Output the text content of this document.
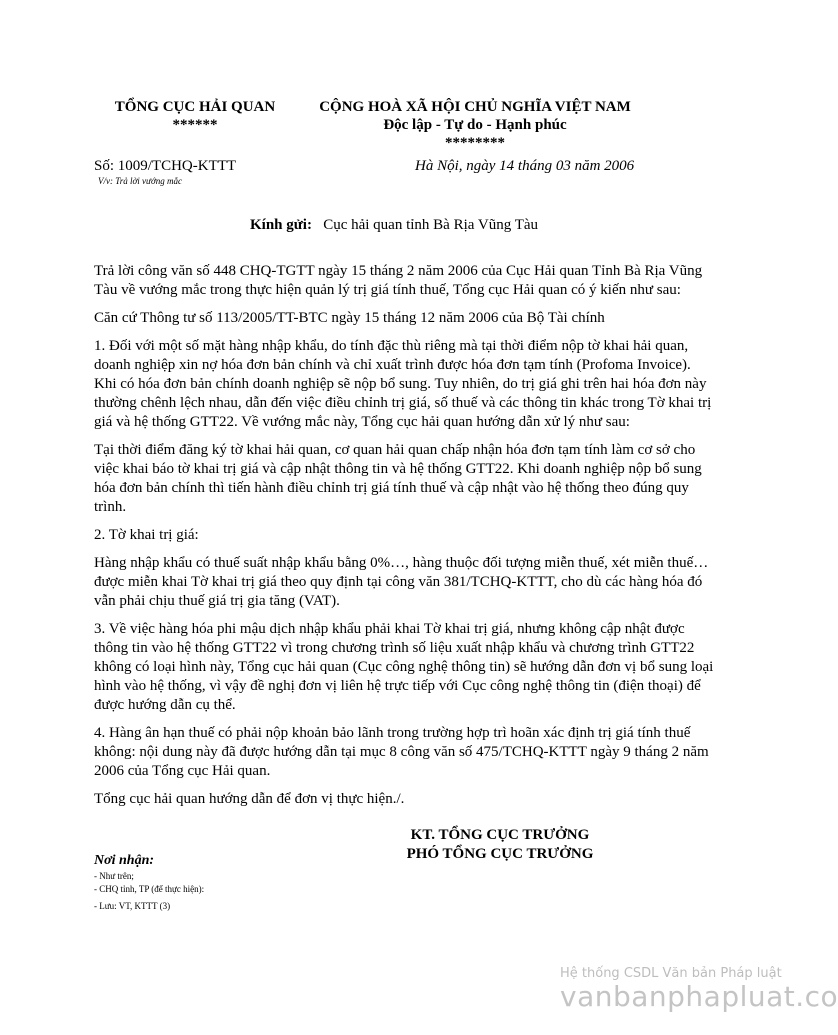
TỔNG CỤC HẢI QUAN
******
CỘNG HOÀ XÃ HỘI CHỦ NGHĨA VIỆT NAM
Độc lập - Tự do - Hạnh phúc
********
Số: 1009/TCHQ-KTTT
V/v: Trả lời vướng mắc
Hà Nội, ngày 14 tháng 03 năm 2006
Kính gửi: Cục hải quan tỉnh Bà Rịa Vũng Tàu

Trả lời công văn số 448 CHQ-TGTT ngày 15 tháng 2 năm 2006 của Cục Hải quan Tỉnh Bà Rịa Vũng Tàu về vướng mắc trong thực hiện quản lý trị giá tính thuế, Tổng cục Hải quan có ý kiến như sau:

Căn cứ Thông tư số 113/2005/TT-BTC ngày 15 tháng 12 năm 2006 của Bộ Tài chính

1. Đối với một số mặt hàng nhập khẩu, do tính đặc thù riêng mà tại thời điểm nộp tờ khai hải quan, doanh nghiệp xin nợ hóa đơn bản chính và chỉ xuất trình được hóa đơn tạm tính (Profoma Invoice). Khi có hóa đơn bản chính doanh nghiệp sẽ nộp bổ sung. Tuy nhiên, do trị giá ghi trên hai hóa đơn này thường chênh lệch nhau, dẫn đến việc điều chỉnh trị giá, số thuế và các thông tin khác trong Tờ khai trị giá và hệ thống GTT22. Về vướng mắc này, Tổng cục hải quan hướng dẫn xử lý như sau:

Tại thời điểm đăng ký tờ khai hải quan, cơ quan hải quan chấp nhận hóa đơn tạm tính làm cơ sở cho việc khai báo tờ khai trị giá và cập nhật thông tin và hệ thống GTT22. Khi doanh nghiệp nộp bổ sung hóa đơn bản chính thì tiến hành điều chỉnh trị giá tính thuế và cập nhật vào hệ thống theo đúng quy trình.

2. Tờ khai trị giá:

Hàng nhập khẩu có thuế suất nhập khẩu bằng 0%…, hàng thuộc đối tượng miễn thuế, xét miễn thuế… được miễn khai Tờ khai trị giá theo quy định tại công văn 381/TCHQ-KTTT, cho dù các hàng hóa đó vẫn phải chịu thuế giá trị gia tăng (VAT).

3. Về việc hàng hóa phi mậu dịch nhập khẩu phải khai Tờ khai trị giá, nhưng không cập nhật được thông tin vào hệ thống GTT22 vì trong chương trình số liệu xuất nhập khẩu và chương trình GTT22 không có loại hình này, Tổng cục hải quan (Cục công nghệ thông tin) sẽ hướng dẫn đơn vị bổ sung loại hình vào hệ thống, vì vậy đề nghị đơn vị liên hệ trực tiếp với Cục công nghệ thông tin (điện thoại) để được hướng dẫn cụ thể.

4. Hàng ân hạn thuế có phải nộp khoản bảo lãnh trong trường hợp trì hoãn xác định trị giá tính thuế không: nội dung này đã được hướng dẫn tại mục 8 công văn số 475/TCHQ-KTTT ngày 9 tháng 2 năm 2006 của Tổng cục Hải quan.

Tổng cục hải quan hướng dẫn để đơn vị thực hiện./.

KT. TỔNG CỤC TRƯỞNG
PHÓ TỔNG CỤC TRƯỞNG
Nơi nhận:
- Như trên;
- CHQ tỉnh, TP (để thực hiện):
- Lưu: VT, KTTT (3)
Hệ thống CSDL Văn bản Pháp luật
vanbanphapluat.co
